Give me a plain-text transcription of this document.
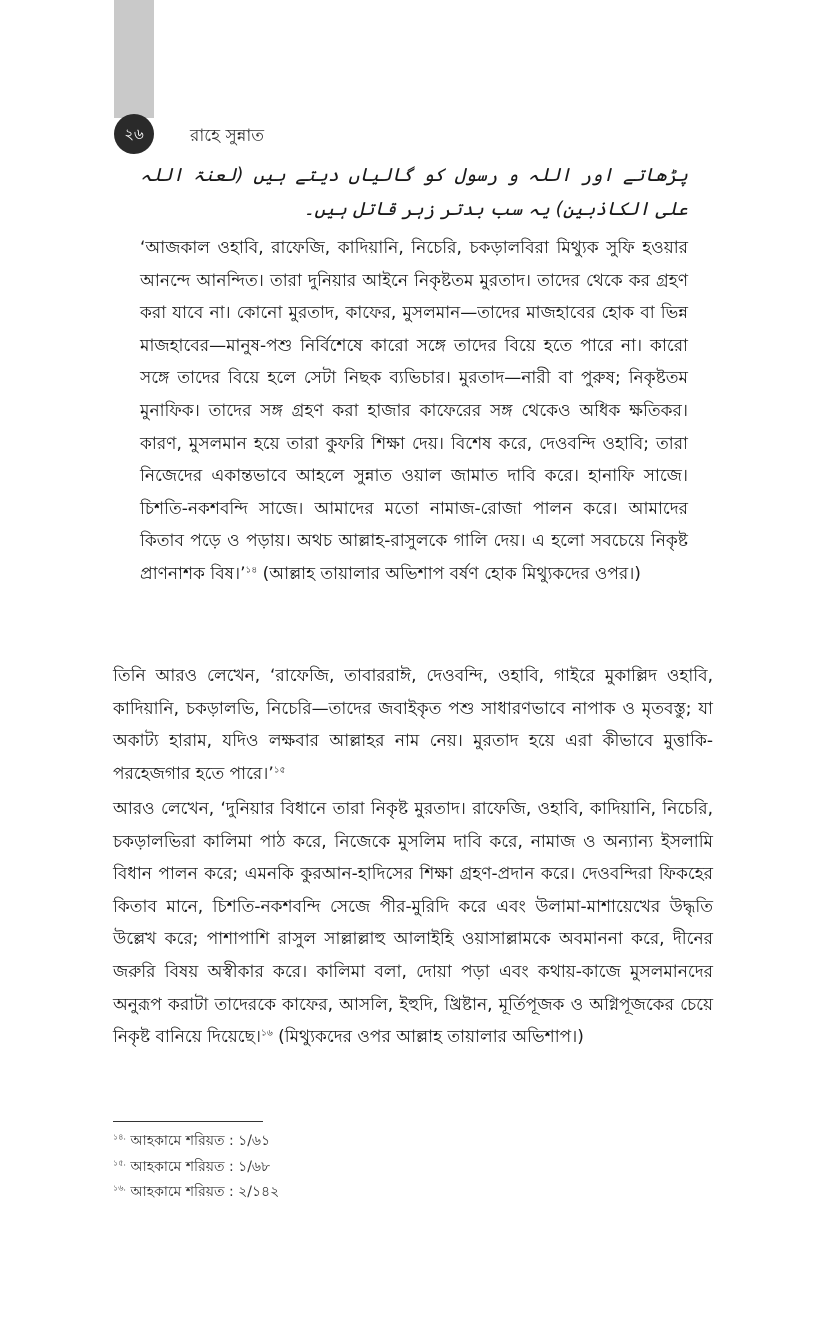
২৬	রাহে সুন্নাত

پڑھاتے اور اللہ و رسول کو گالیاں دیتے ہیں (لعنۃ اللہ علی الکاذبین) یہ سب بدتر زہر قاتل ہیں۔

‘আজকাল ওহাবি, রাফেজি, কাদিয়ানি, নিচেরি, চকড়ালবিরা মিথ্যুক সুফি হওয়ার আনন্দে আনন্দিত। তারা দুনিয়ার আইনে নিকৃষ্টতম মুরতাদ। তাদের থেকে কর গ্রহণ করা যাবে না। কোনো মুরতাদ, কাফের, মুসলমান—তাদের মাজহাবের হোক বা ভিন্ন মাজহাবের—মানুষ-পশু নির্বিশেষে কারো সঙ্গে তাদের বিয়ে হতে পারে না। কারো সঙ্গে তাদের বিয়ে হলে সেটা নিছক ব্যভিচার। মুরতাদ—নারী বা পুরুষ; নিকৃষ্টতম মুনাফিক। তাদের সঙ্গ গ্রহণ করা হাজার কাফেরের সঙ্গ থেকেও অধিক ক্ষতিকর। কারণ, মুসলমান হয়ে তারা কুফরি শিক্ষা দেয়। বিশেষ করে, দেওবন্দি ওহাবি; তারা নিজেদের একান্তভাবে আহলে সুন্নাত ওয়াল জামাত দাবি করে। হানাফি সাজে। চিশতি-নকশবন্দি সাজে। আমাদের মতো নামাজ-রোজা পালন করে। আমাদের কিতাব পড়ে ও পড়ায়। অথচ আল্লাহ-রাসুলকে গালি দেয়। এ হলো সবচেয়ে নিকৃষ্ট প্রাণনাশক বিষ।’$^{১৪}$ (আল্লাহ তায়ালার অভিশাপ বর্ষণ হোক মিথ্যুকদের ওপর।)

তিনি আরও লেখেন, ‘রাফেজি, তাবাররাঈ, দেওবন্দি, ওহাবি, গাইরে মুকাল্লিদ ওহাবি, কাদিয়ানি, চকড়ালভি, নিচেরি—তাদের জবাইকৃত পশু সাধারণভাবে নাপাক ও মৃতবস্তু; যা অকাট্য হারাম, যদিও লক্ষবার আল্লাহর নাম নেয়। মুরতাদ হয়ে এরা কীভাবে মুত্তাকি-পরহেজগার হতে পারে।’$^{১৫}$

আরও লেখেন, ‘দুনিয়ার বিধানে তারা নিকৃষ্ট মুরতাদ। রাফেজি, ওহাবি, কাদিয়ানি, নিচেরি, চকড়ালভিরা কালিমা পাঠ করে, নিজেকে মুসলিম দাবি করে, নামাজ ও অন্যান্য ইসলামি বিধান পালন করে; এমনকি কুরআন-হাদিসের শিক্ষা গ্রহণ-প্রদান করে। দেওবন্দিরা ফিকহের কিতাব মানে, চিশতি-নকশবন্দি সেজে পীর-মুরিদি করে এবং উলামা-মাশায়েখের উদ্ধৃতি উল্লেখ করে; পাশাপাশি রাসুল সাল্লাল্লাহু আলাইহি ওয়াসাল্লামকে অবমাননা করে, দীনের জরুরি বিষয় অস্বীকার করে। কালিমা বলা, দোয়া পড়া এবং কথায়-কাজে মুসলমানদের অনুরূপ করাটা তাদেরকে কাফের, আসলি, ইহুদি, খ্রিষ্টান, মূর্তিপূজক ও অগ্নিপূজকের চেয়ে নিকৃষ্ট বানিয়ে দিয়েছে।$^{১৬}$ (মিথ্যুকদের ওপর আল্লাহ তায়ালার অভিশাপ।)

$^{১৪.}$ আহকামে শরিয়ত : ১/৬১
$^{১৫.}$ আহকামে শরিয়ত : ১/৬৮
$^{১৬.}$ আহকামে শরিয়ত : ২/১৪২
